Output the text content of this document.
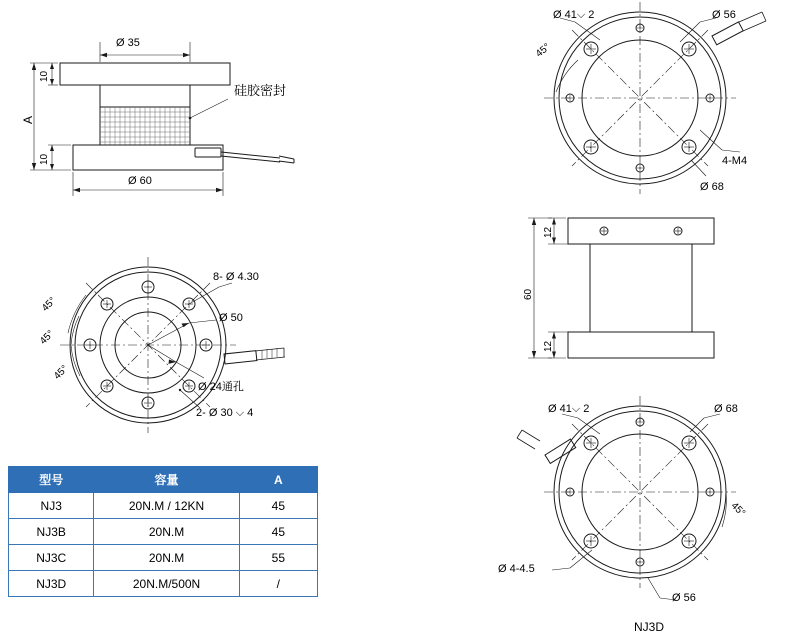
Ø 35
硅胶密封
Ø 60
A
10
10
8- Ø 4.30
Ø 50
Ø 24通孔
2- Ø 30 ⌵ 4
45°
45°
45°
Ø 41⌵ 2	Ø 56
Ø 68
4-M4
45°
12
60
12
Ø 41⌵ 2	Ø 68
Ø 4-4.5
Ø 56
45°
NJ3D
型号	容量	A
NJ3	20N.M / 12KN	45
NJ3B	20N.M	45
NJ3C	20N.M	55
NJ3D	20N.M/500N	/
